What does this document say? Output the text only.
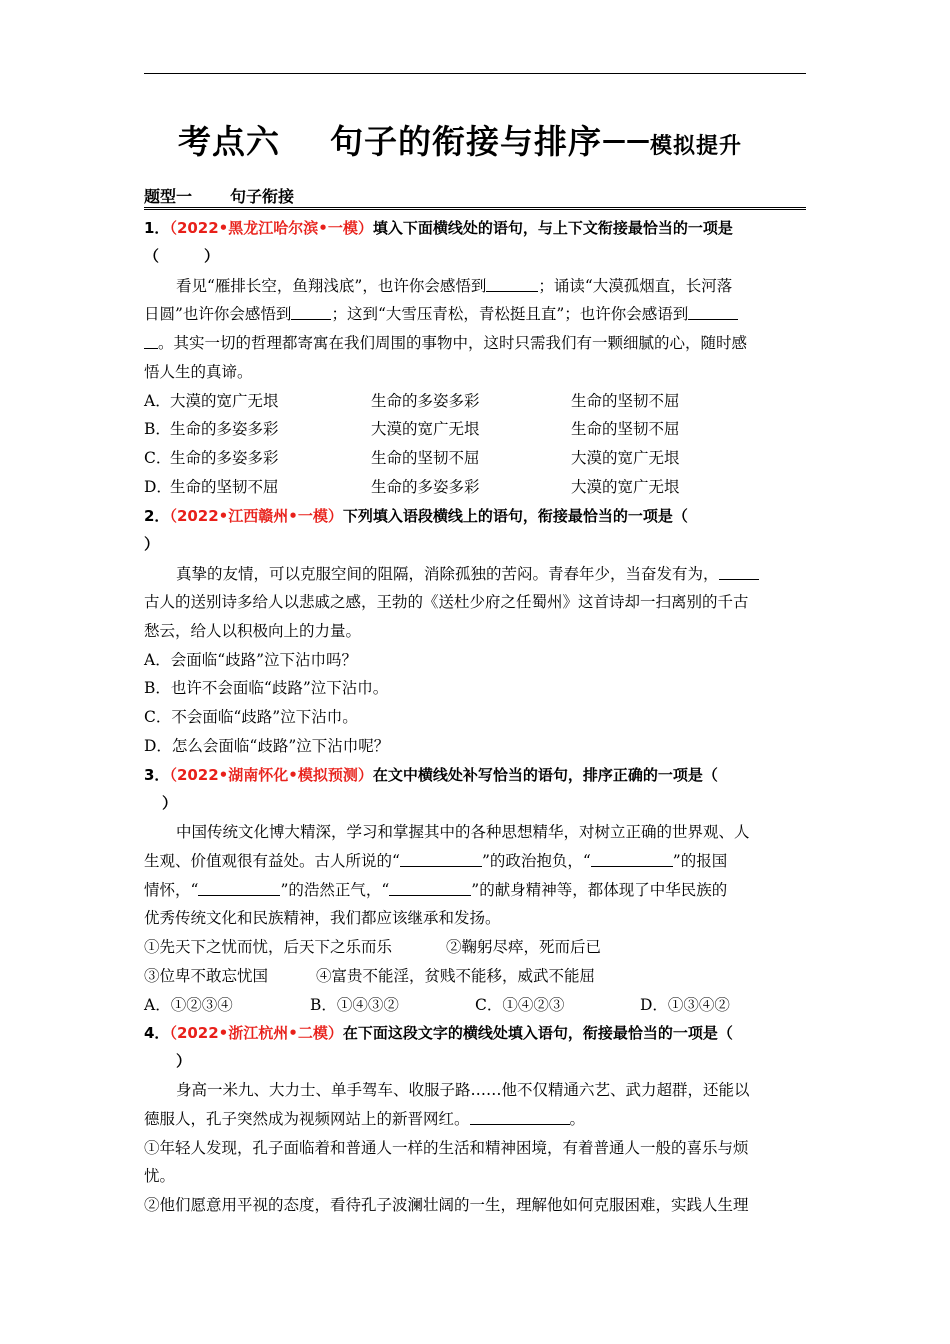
考点六 句子的衔接与排序——模拟提升
题型一 句子衔接
1．（2022•黑龙江哈尔滨•一模）填入下面横线处的语句，与上下文衔接最恰当的一项是
（　　　）
看见“雁排长空，鱼翔浅底”，也许你会感悟到	；诵读“大漠孤烟直，长河落
日圆”也许你会感悟到	；这到“大雪压青松，青松挺且直”；也许你会感语到
。其实一切的哲理都寄寓在我们周围的事物中，这时只需我们有一颗细腻的心，随时感
悟人生的真谛。
A． 大漠的宽广无垠	生命的多姿多彩	生命的坚韧不屈
B． 生命的多姿多彩	大漠的宽广无垠	生命的坚韧不屈
C．
生命的多姿多彩	生命的坚韧不屈	大漠的宽广无垠
D．
生命的坚韧不屈	生命的多姿多彩	大漠的宽广无垠
2．（2022•江西赣州•一模）下列填入语段横线上的语句，衔接最恰当的一项是（
）
真挚的友情，可以克服空间的阻隔，消除孤独的苦闷。青春年少，当奋发有为，
古人的送别诗多给人以悲戚之感，王勃的《送杜少府之任蜀州》这首诗却一扫离别的千古
愁云，给人以积极向上的力量。
A．会面临“歧路”泣下沾巾吗？
B．也许不会面临“歧路”泣下沾巾。
C．不会面临“歧路”泣下沾巾。
D．怎么会面临“歧路”泣下沾巾呢？
3．（2022•湖南怀化•模拟预测）在文中横线处补写恰当的语句，排序正确的一项是（
）
中国传统文化博大精深，学习和掌握其中的各种思想精华，对树立正确的世界观、人
生观、价值观很有益处。古人所说的“	”的政治抱负，“	”的报国
情怀，“	”的浩然正气，“	”的献身精神等，都体现了中华民族的
优秀传统文化和民族精神，我们都应该继承和发扬。
①先天下之忧而忧，后天下之乐而乐	②鞠躬尽瘁，死而后已
③位卑不敢忘忧国	④富贵不能淫，贫贱不能移，威武不能屈
A．①②③④	B．①④③②	C．①④②③	D．①③④②
4．（2022•浙江杭州•二模）在下面这段文字的横线处填入语句，衔接最恰当的一项是（
）
身高一米九、大力士、单手驾车、收服子路……他不仅精通六艺、武力超群，还能以
德服人，孔子突然成为视频网站上的新晋网红。	。
①年轻人发现，孔子面临着和普通人一样的生活和精神困境，有着普通人一般的喜乐与烦
忧。
②他们愿意用平视的态度，看待孔子波澜壮阔的一生，理解他如何克服困难，实践人生理
